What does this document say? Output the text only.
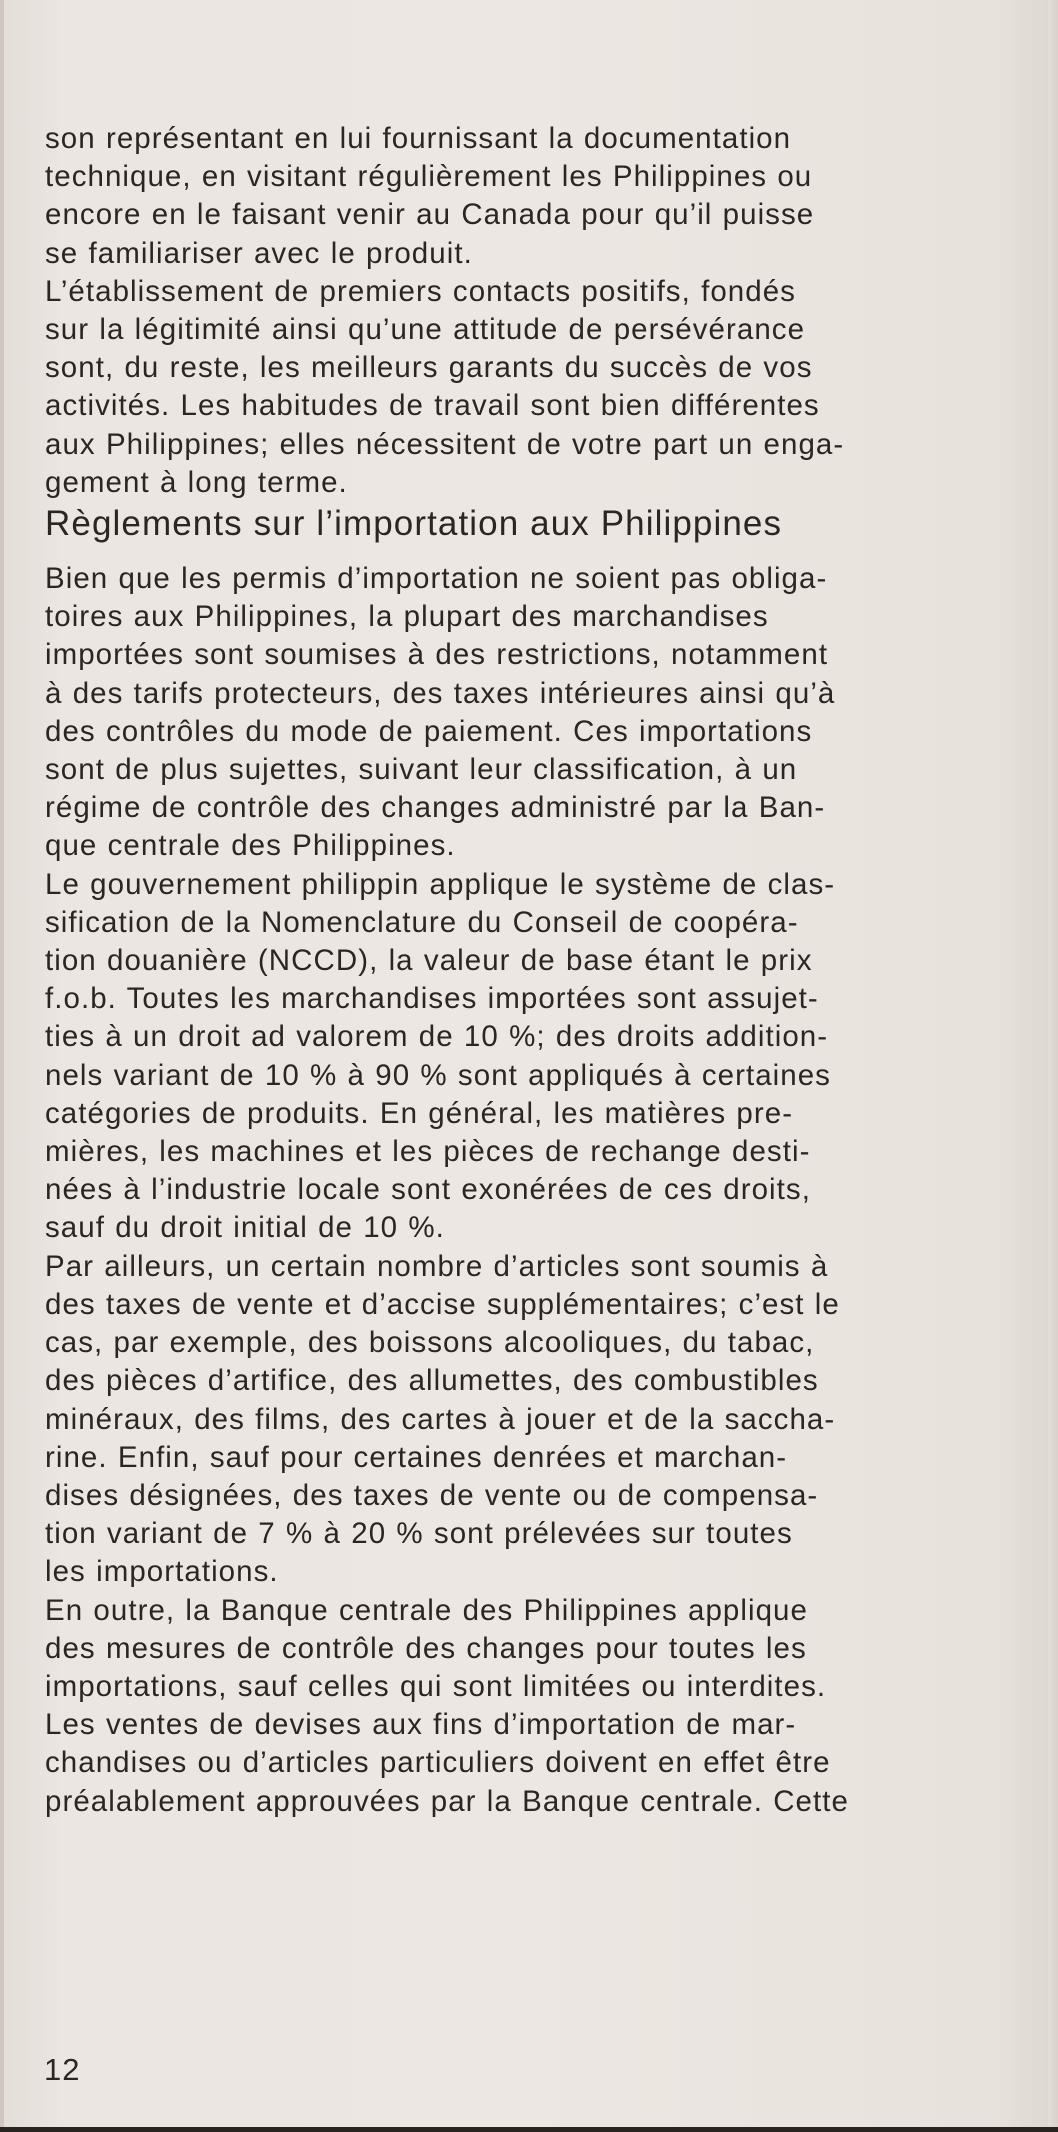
son représentant en lui fournissant la documentation
technique, en visitant régulièrement les Philippines ou
encore en le faisant venir au Canada pour qu’il puisse
se familiariser avec le produit.

L’établissement de premiers contacts positifs, fondés
sur la légitimité ainsi qu’une attitude de persévérance
sont, du reste, les meilleurs garants du succès de vos
activités. Les habitudes de travail sont bien différentes
aux Philippines; elles nécessitent de votre part un enga-
gement à long terme.

Règlements sur l’importation aux Philippines

Bien que les permis d’importation ne soient pas obliga-
toires aux Philippines, la plupart des marchandises
importées sont soumises à des restrictions, notamment
à des tarifs protecteurs, des taxes intérieures ainsi qu’à
des contrôles du mode de paiement. Ces importations
sont de plus sujettes, suivant leur classification, à un
régime de contrôle des changes administré par la Ban-
que centrale des Philippines.

Le gouvernement philippin applique le système de clas-
sification de la Nomenclature du Conseil de coopéra-
tion douanière (NCCD), la valeur de base étant le prix
f.o.b. Toutes les marchandises importées sont assujet-
ties à un droit ad valorem de 10 %; des droits addition-
nels variant de 10 % à 90 % sont appliqués à certaines
catégories de produits. En général, les matières pre-
mières, les machines et les pièces de rechange desti-
nées à l’industrie locale sont exonérées de ces droits,
sauf du droit initial de 10 %.

Par ailleurs, un certain nombre d’articles sont soumis à
des taxes de vente et d’accise supplémentaires; c’est le
cas, par exemple, des boissons alcooliques, du tabac,
des pièces d’artifice, des allumettes, des combustibles
minéraux, des films, des cartes à jouer et de la saccha-
rine. Enfin, sauf pour certaines denrées et marchan-
dises désignées, des taxes de vente ou de compensa-
tion variant de 7 % à 20 % sont prélevées sur toutes
les importations.

En outre, la Banque centrale des Philippines applique
des mesures de contrôle des changes pour toutes les
importations, sauf celles qui sont limitées ou interdites.
Les ventes de devises aux fins d’importation de mar-
chandises ou d’articles particuliers doivent en effet être
préalablement approuvées par la Banque centrale. Cette

12
